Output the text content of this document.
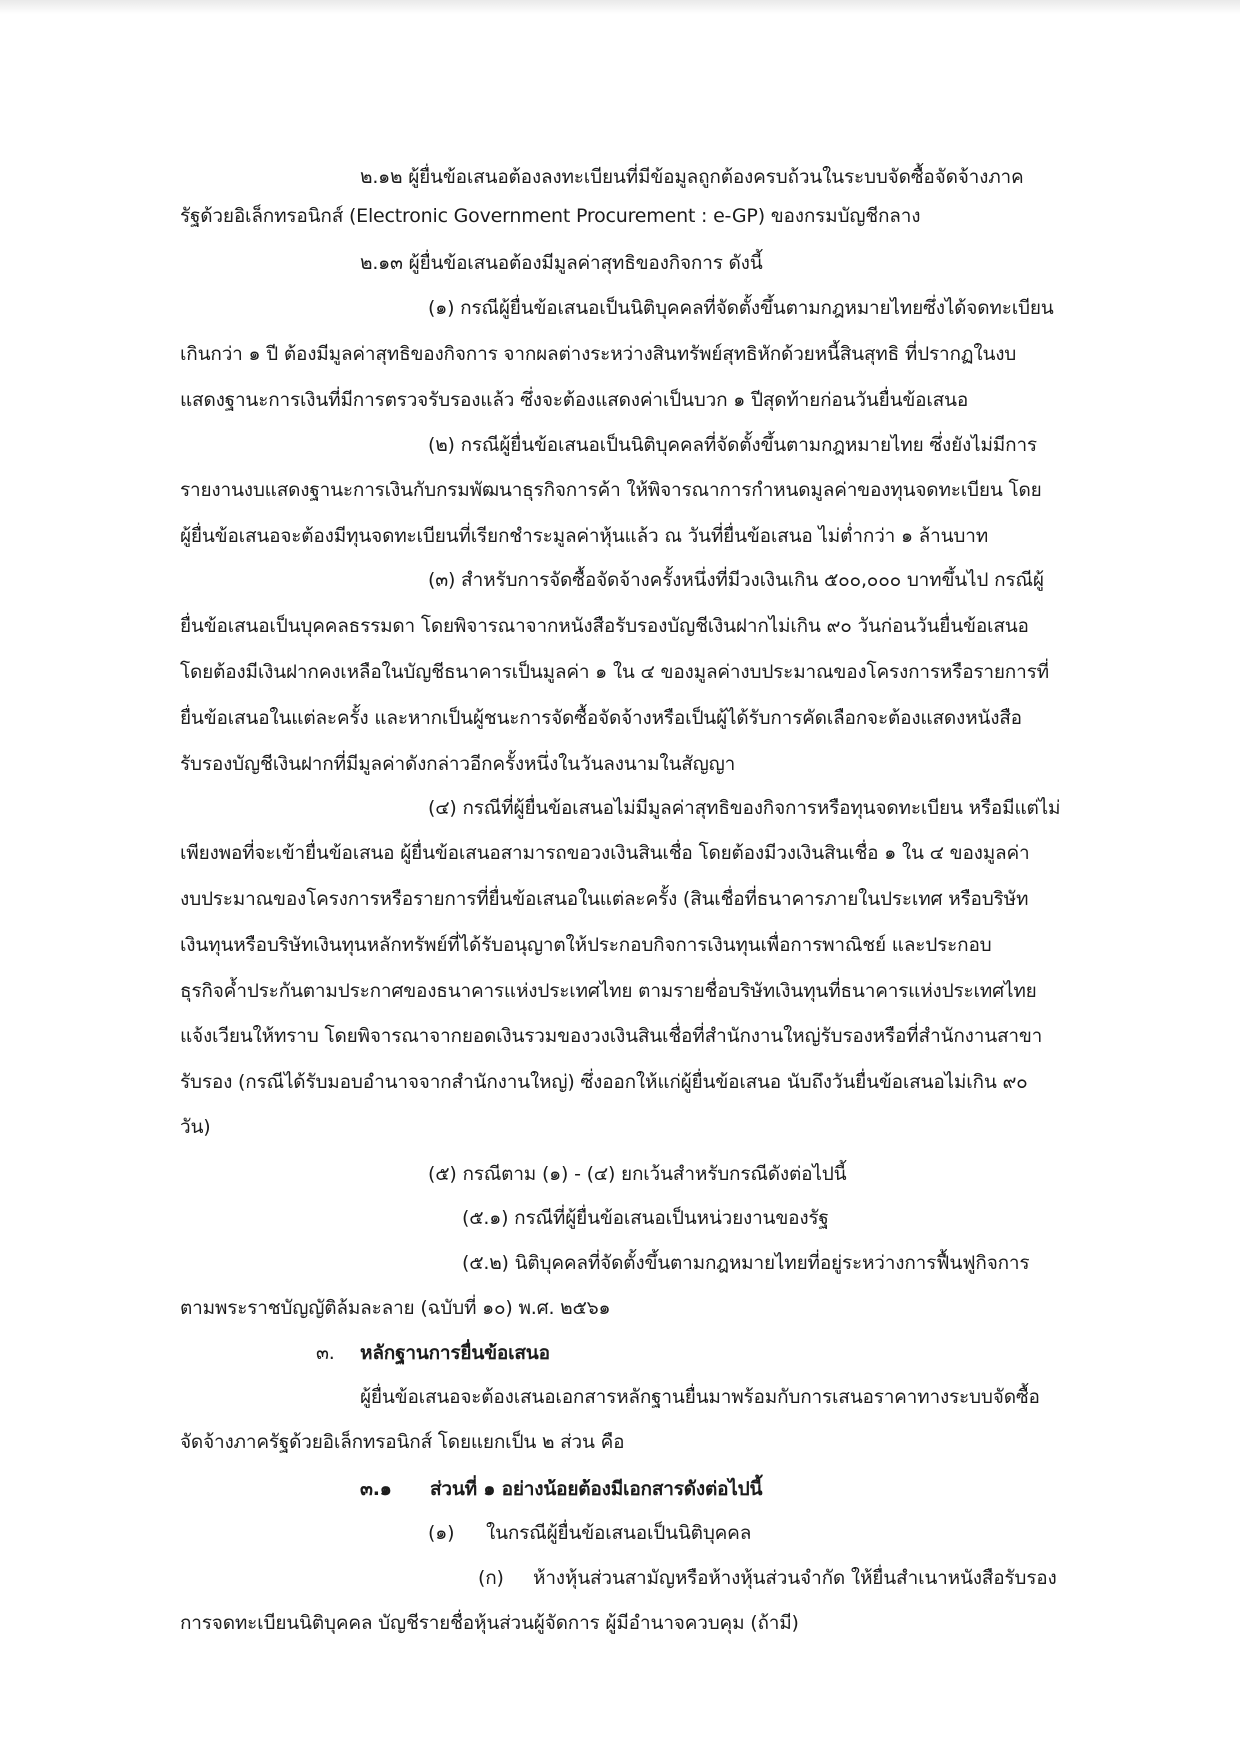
๒.๑๒ ผู้ยื่นข้อเสนอต้องลงทะเบียนที่มีข้อมูลถูกต้องครบถ้วนในระบบจัดซื้อจัดจ้างภาค
รัฐด้วยอิเล็กทรอนิกส์ (Electronic Government Procurement : e-GP) ของกรมบัญชีกลาง
๒.๑๓ ผู้ยื่นข้อเสนอต้องมีมูลค่าสุทธิของกิจการ ดังนี้
(๑) กรณีผู้ยื่นข้อเสนอเป็นนิติบุคคลที่จัดตั้งขึ้นตามกฎหมายไทยซึ่งได้จดทะเบียน
เกินกว่า ๑ ปี ต้องมีมูลค่าสุทธิของกิจการ จากผลต่างระหว่างสินทรัพย์สุทธิหักด้วยหนี้สินสุทธิ ที่ปรากฏในงบ
แสดงฐานะการเงินที่มีการตรวจรับรองแล้ว ซึ่งจะต้องแสดงค่าเป็นบวก ๑ ปีสุดท้ายก่อนวันยื่นข้อเสนอ
(๒) กรณีผู้ยื่นข้อเสนอเป็นนิติบุคคลที่จัดตั้งขึ้นตามกฎหมายไทย ซึ่งยังไม่มีการ
รายงานงบแสดงฐานะการเงินกับกรมพัฒนาธุรกิจการค้า ให้พิจารณาการกำหนดมูลค่าของทุนจดทะเบียน โดย
ผู้ยื่นข้อเสนอจะต้องมีทุนจดทะเบียนที่เรียกชำระมูลค่าหุ้นแล้ว ณ วันที่ยื่นข้อเสนอ ไม่ต่ำกว่า ๑ ล้านบาท
(๓) สำหรับการจัดซื้อจัดจ้างครั้งหนึ่งที่มีวงเงินเกิน ๕๐๐,๐๐๐ บาทขึ้นไป กรณีผู้
ยื่นข้อเสนอเป็นบุคคลธรรมดา โดยพิจารณาจากหนังสือรับรองบัญชีเงินฝากไม่เกิน ๙๐ วันก่อนวันยื่นข้อเสนอ
โดยต้องมีเงินฝากคงเหลือในบัญชีธนาคารเป็นมูลค่า ๑ ใน ๔ ของมูลค่างบประมาณของโครงการหรือรายการที่
ยื่นข้อเสนอในแต่ละครั้ง และหากเป็นผู้ชนะการจัดซื้อจัดจ้างหรือเป็นผู้ได้รับการคัดเลือกจะต้องแสดงหนังสือ
รับรองบัญชีเงินฝากที่มีมูลค่าดังกล่าวอีกครั้งหนึ่งในวันลงนามในสัญญา
(๔) กรณีที่ผู้ยื่นข้อเสนอไม่มีมูลค่าสุทธิของกิจการหรือทุนจดทะเบียน หรือมีแต่ไม่
เพียงพอที่จะเข้ายื่นข้อเสนอ ผู้ยื่นข้อเสนอสามารถขอวงเงินสินเชื่อ โดยต้องมีวงเงินสินเชื่อ ๑ ใน ๔ ของมูลค่า
งบประมาณของโครงการหรือรายการที่ยื่นข้อเสนอในแต่ละครั้ง (สินเชื่อที่ธนาคารภายในประเทศ หรือบริษัท
เงินทุนหรือบริษัทเงินทุนหลักทรัพย์ที่ได้รับอนุญาตให้ประกอบกิจการเงินทุนเพื่อการพาณิชย์ และประกอบ
ธุรกิจค้ำประกันตามประกาศของธนาคารแห่งประเทศไทย ตามรายชื่อบริษัทเงินทุนที่ธนาคารแห่งประเทศไทย
แจ้งเวียนให้ทราบ โดยพิจารณาจากยอดเงินรวมของวงเงินสินเชื่อที่สำนักงานใหญ่รับรองหรือที่สำนักงานสาขา
รับรอง (กรณีได้รับมอบอำนาจจากสำนักงานใหญ่) ซึ่งออกให้แก่ผู้ยื่นข้อเสนอ นับถึงวันยื่นข้อเสนอไม่เกิน ๙๐
วัน)
(๕) กรณีตาม (๑) - (๔) ยกเว้นสำหรับกรณีดังต่อไปนี้
(๕.๑) กรณีที่ผู้ยื่นข้อเสนอเป็นหน่วยงานของรัฐ
(๕.๒) นิติบุคคลที่จัดตั้งขึ้นตามกฎหมายไทยที่อยู่ระหว่างการฟื้นฟูกิจการ
ตามพระราชบัญญัติล้มละลาย (ฉบับที่ ๑๐) พ.ศ. ๒๕๖๑
๓. หลักฐานการยื่นข้อเสนอ
ผู้ยื่นข้อเสนอจะต้องเสนอเอกสารหลักฐานยื่นมาพร้อมกับการเสนอราคาทางระบบจัดซื้อ
จัดจ้างภาครัฐด้วยอิเล็กทรอนิกส์ โดยแยกเป็น ๒ ส่วน คือ
๓.๑ ส่วนที่ ๑ อย่างน้อยต้องมีเอกสารดังต่อไปนี้
(๑) ในกรณีผู้ยื่นข้อเสนอเป็นนิติบุคคล
(ก) ห้างหุ้นส่วนสามัญหรือห้างหุ้นส่วนจำกัด ให้ยื่นสำเนาหนังสือรับรอง
การจดทะเบียนนิติบุคคล บัญชีรายชื่อหุ้นส่วนผู้จัดการ ผู้มีอำนาจควบคุม (ถ้ามี)
